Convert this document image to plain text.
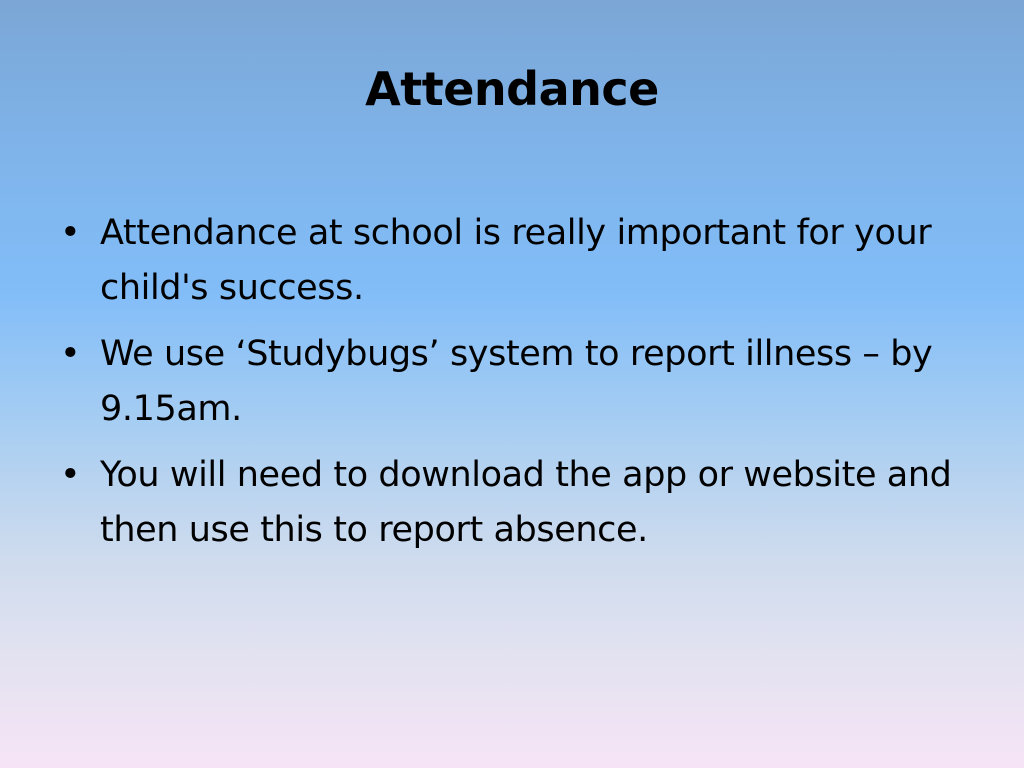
Attendance
• Attendance at school is really important for your child's success.
• We use ‘Studybugs’ system to report illness – by 9.15am.
• You will need to download the app or website and then use this to report absence.
